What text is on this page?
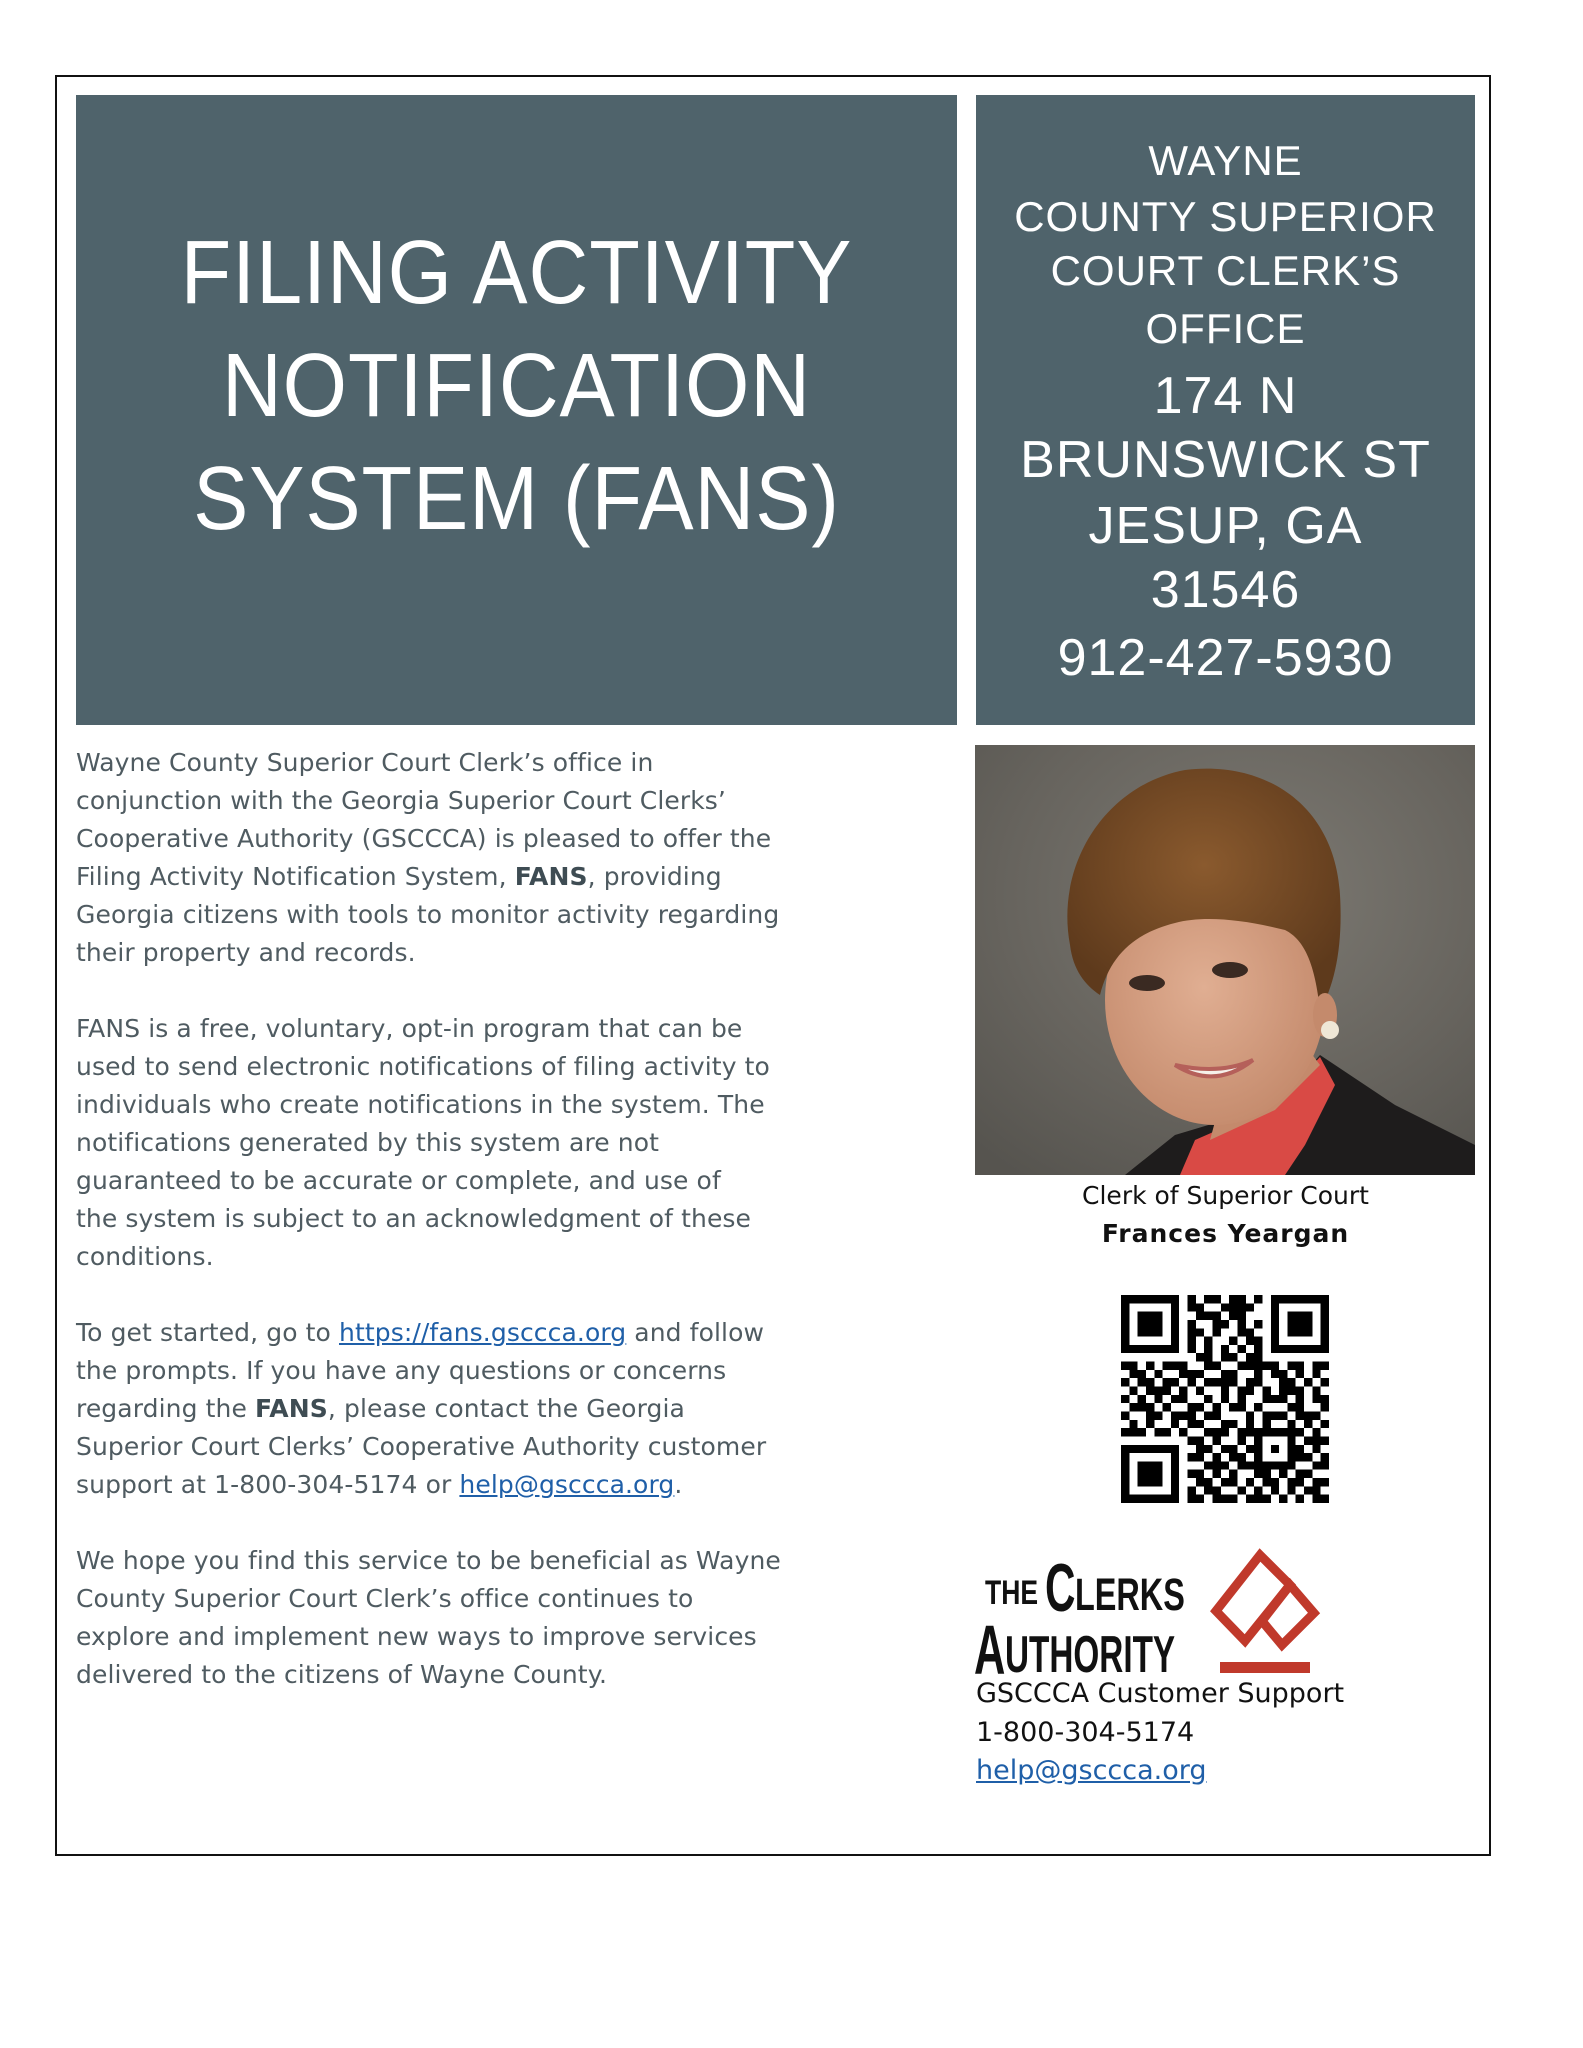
FILING ACTIVITY
NOTIFICATION
SYSTEM (FANS)
WAYNE
COUNTY SUPERIOR
COURT CLERK’S
OFFICE
174 N
BRUNSWICK ST
JESUP, GA
31546
912-427-5930
Wayne County Superior Court Clerk’s office in
conjunction with the Georgia Superior Court Clerks’
Cooperative Authority (GSCCCA) is pleased to offer the
Filing Activity Notification System, FANS, providing
Georgia citizens with tools to monitor activity regarding
their property and records.
FANS is a free, voluntary, opt-in program that can be
used to send electronic notifications of filing activity to
individuals who create notifications in the system. The
notifications generated by this system are not
guaranteed to be accurate or complete, and use of
the system is subject to an acknowledgment of these
conditions.
To get started, go to https://fans.gsccca.org and follow
the prompts. If you have any questions or concerns
regarding the FANS, please contact the Georgia
Superior Court Clerks’ Cooperative Authority customer
support at 1-800-304-5174 or help@gsccca.org.
We hope you find this service to be beneficial as Wayne
County Superior Court Clerk’s office continues to
explore and implement new ways to improve services
delivered to the citizens of Wayne County.
Clerk of Superior Court
Frances Yeargan
THE C LERKS
A UTHORITY
GSCCCA Customer Support
1-800-304-5174
help@gsccca.org
